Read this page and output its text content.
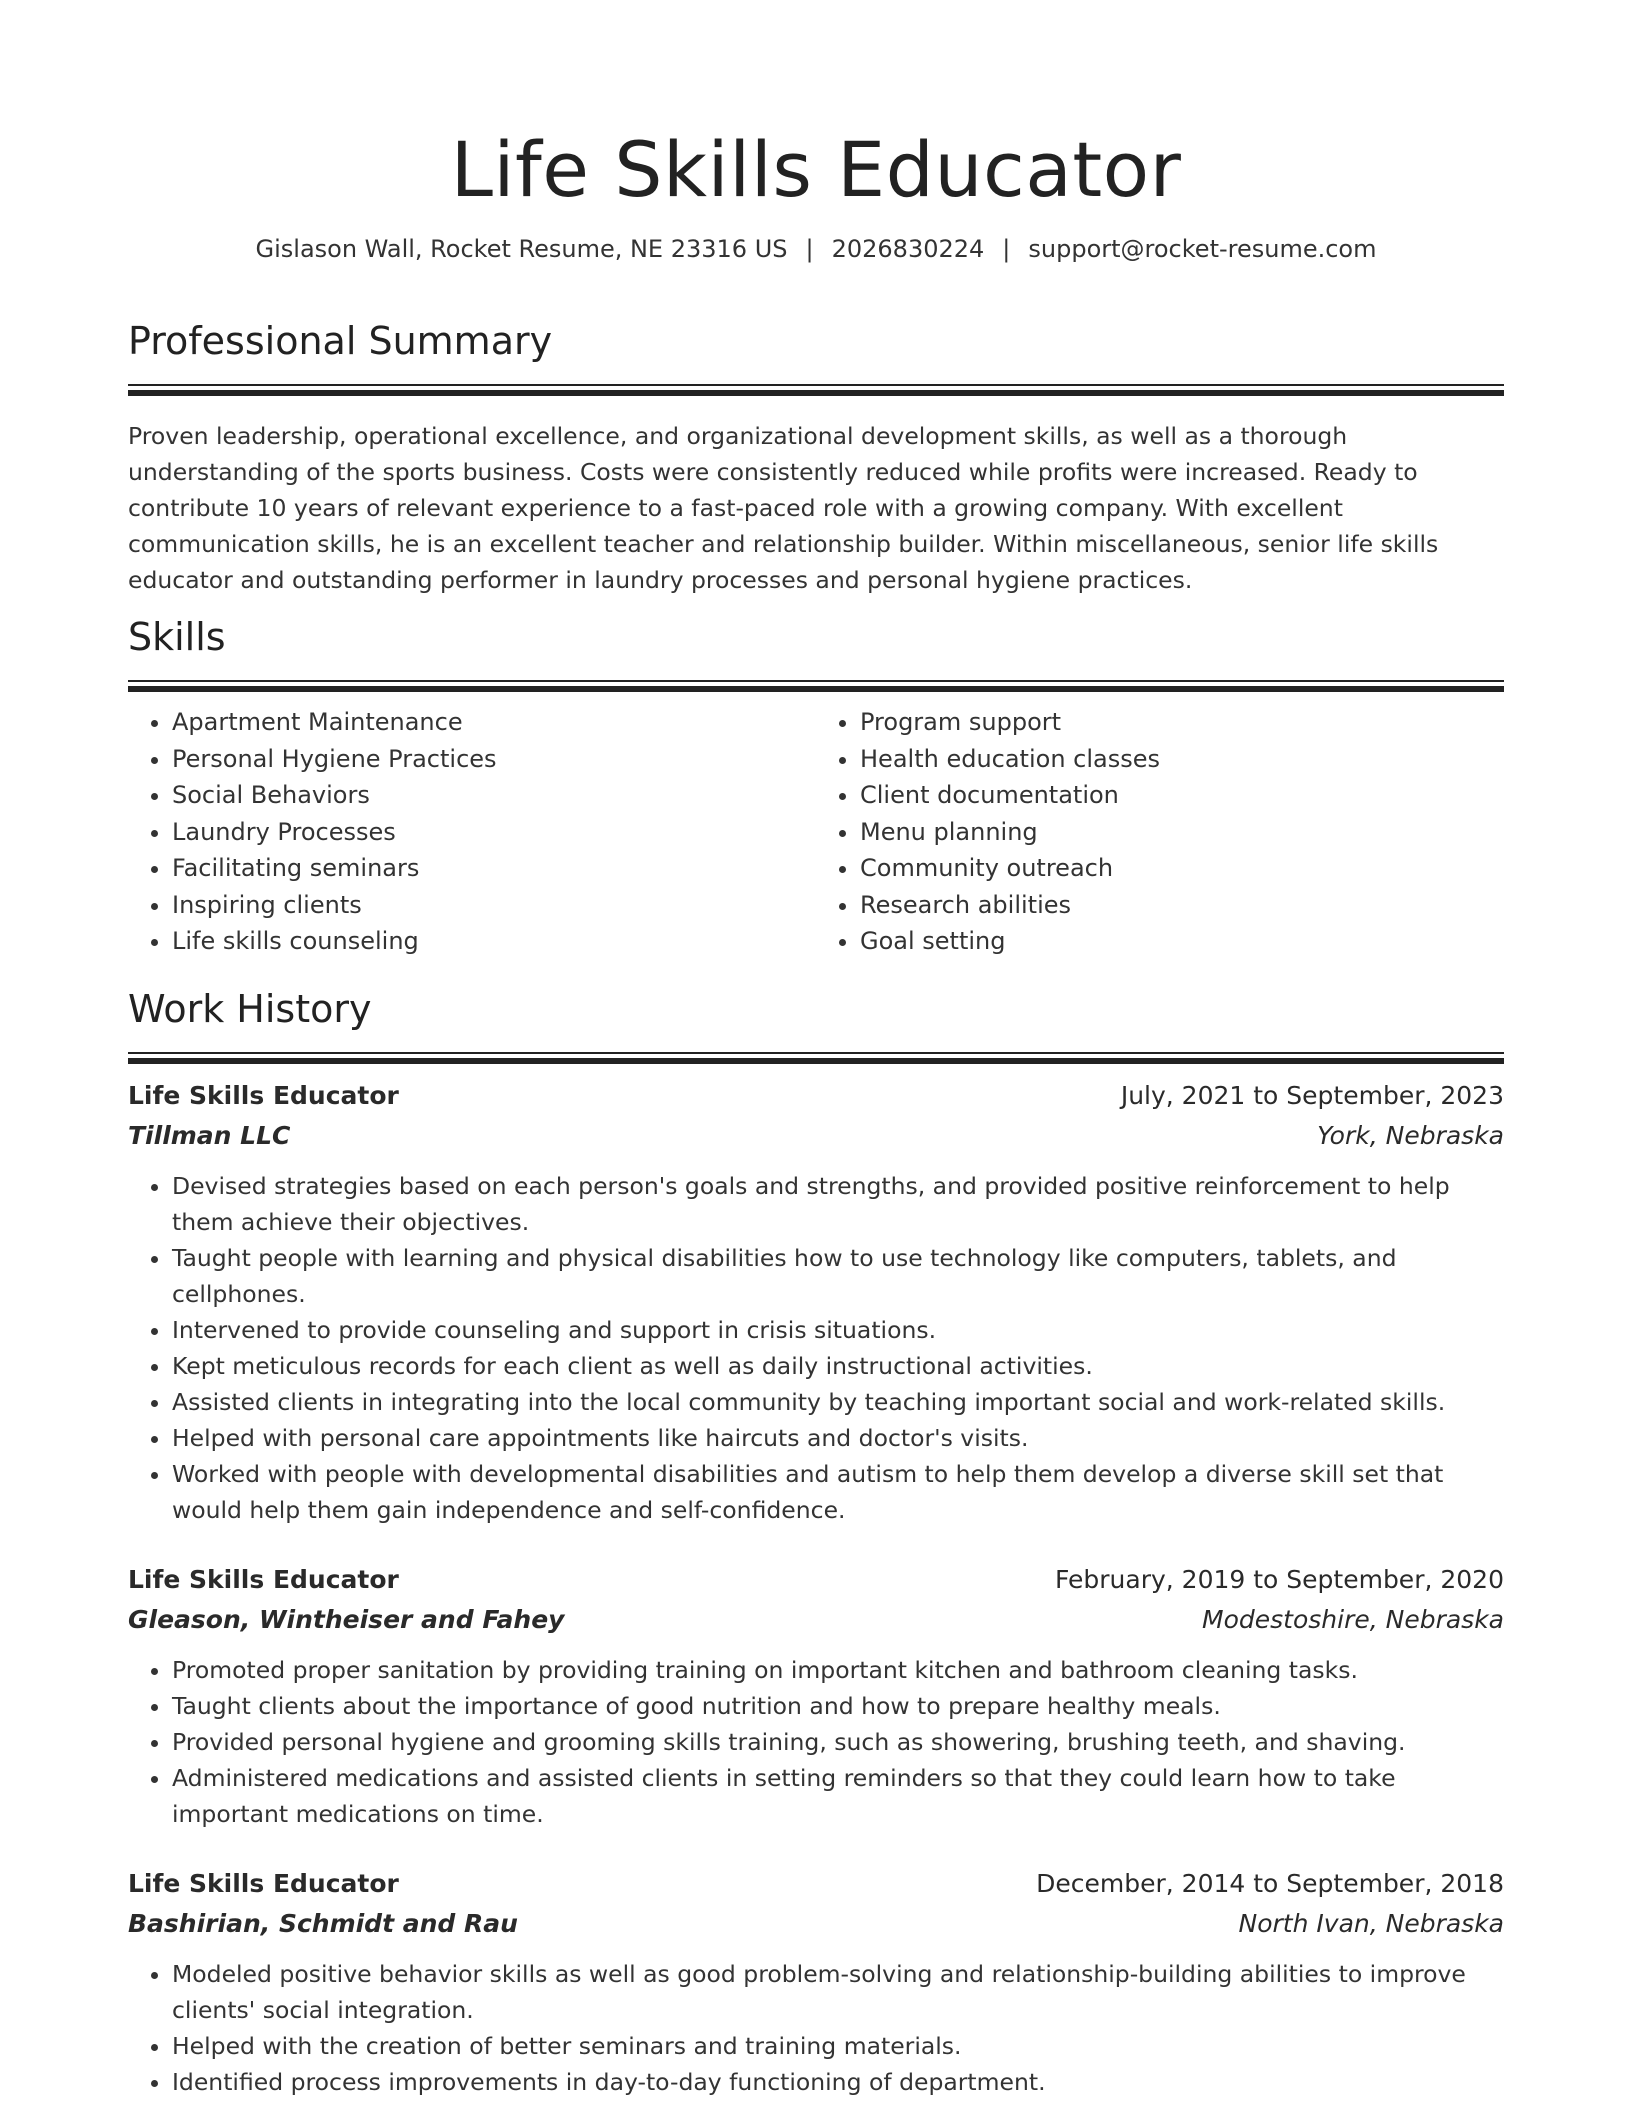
Life Skills Educator
Gislason Wall, Rocket Resume, NE 23316 US | 2026830224 | support@rocket-resume.com
Professional Summary

Proven leadership, operational excellence, and organizational development skills, as well as a thorough understanding of the sports business. Costs were consistently reduced while profits were increased. Ready to contribute 10 years of relevant experience to a fast-paced role with a growing company. With excellent communication skills, he is an excellent teacher and relationship builder. Within miscellaneous, senior life skills educator and outstanding performer in laundry processes and personal hygiene practices.

Skills
• Apartment Maintenance
• Personal Hygiene Practices
• Social Behaviors
• Laundry Processes
• Facilitating seminars
• Inspiring clients
• Life skills counseling
• Program support
• Health education classes
• Client documentation
• Menu planning
• Community outreach
• Research abilities
• Goal setting
Work History
Life Skills Educator	July, 2021 to September, 2023
Tillman LLC	York, Nebraska
• Devised strategies based on each person's goals and strengths, and provided positive reinforcement to help them achieve their objectives.
• Taught people with learning and physical disabilities how to use technology like computers, tablets, and cellphones.
• Intervened to provide counseling and support in crisis situations.
• Kept meticulous records for each client as well as daily instructional activities.
• Assisted clients in integrating into the local community by teaching important social and work-related skills.
• Helped with personal care appointments like haircuts and doctor's visits.
• Worked with people with developmental disabilities and autism to help them develop a diverse skill set that would help them gain independence and self-confidence.
Life Skills Educator	February, 2019 to September, 2020
Gleason, Wintheiser and Fahey	Modestoshire, Nebraska
• Promoted proper sanitation by providing training on important kitchen and bathroom cleaning tasks.
• Taught clients about the importance of good nutrition and how to prepare healthy meals.
• Provided personal hygiene and grooming skills training, such as showering, brushing teeth, and shaving.
• Administered medications and assisted clients in setting reminders so that they could learn how to take important medications on time.
Life Skills Educator	December, 2014 to September, 2018
Bashirian, Schmidt and Rau	North Ivan, Nebraska
• Modeled positive behavior skills as well as good problem-solving and relationship-building abilities to improve clients' social integration.
• Helped with the creation of better seminars and training materials.
• Identified process improvements in day-to-day functioning of department.
